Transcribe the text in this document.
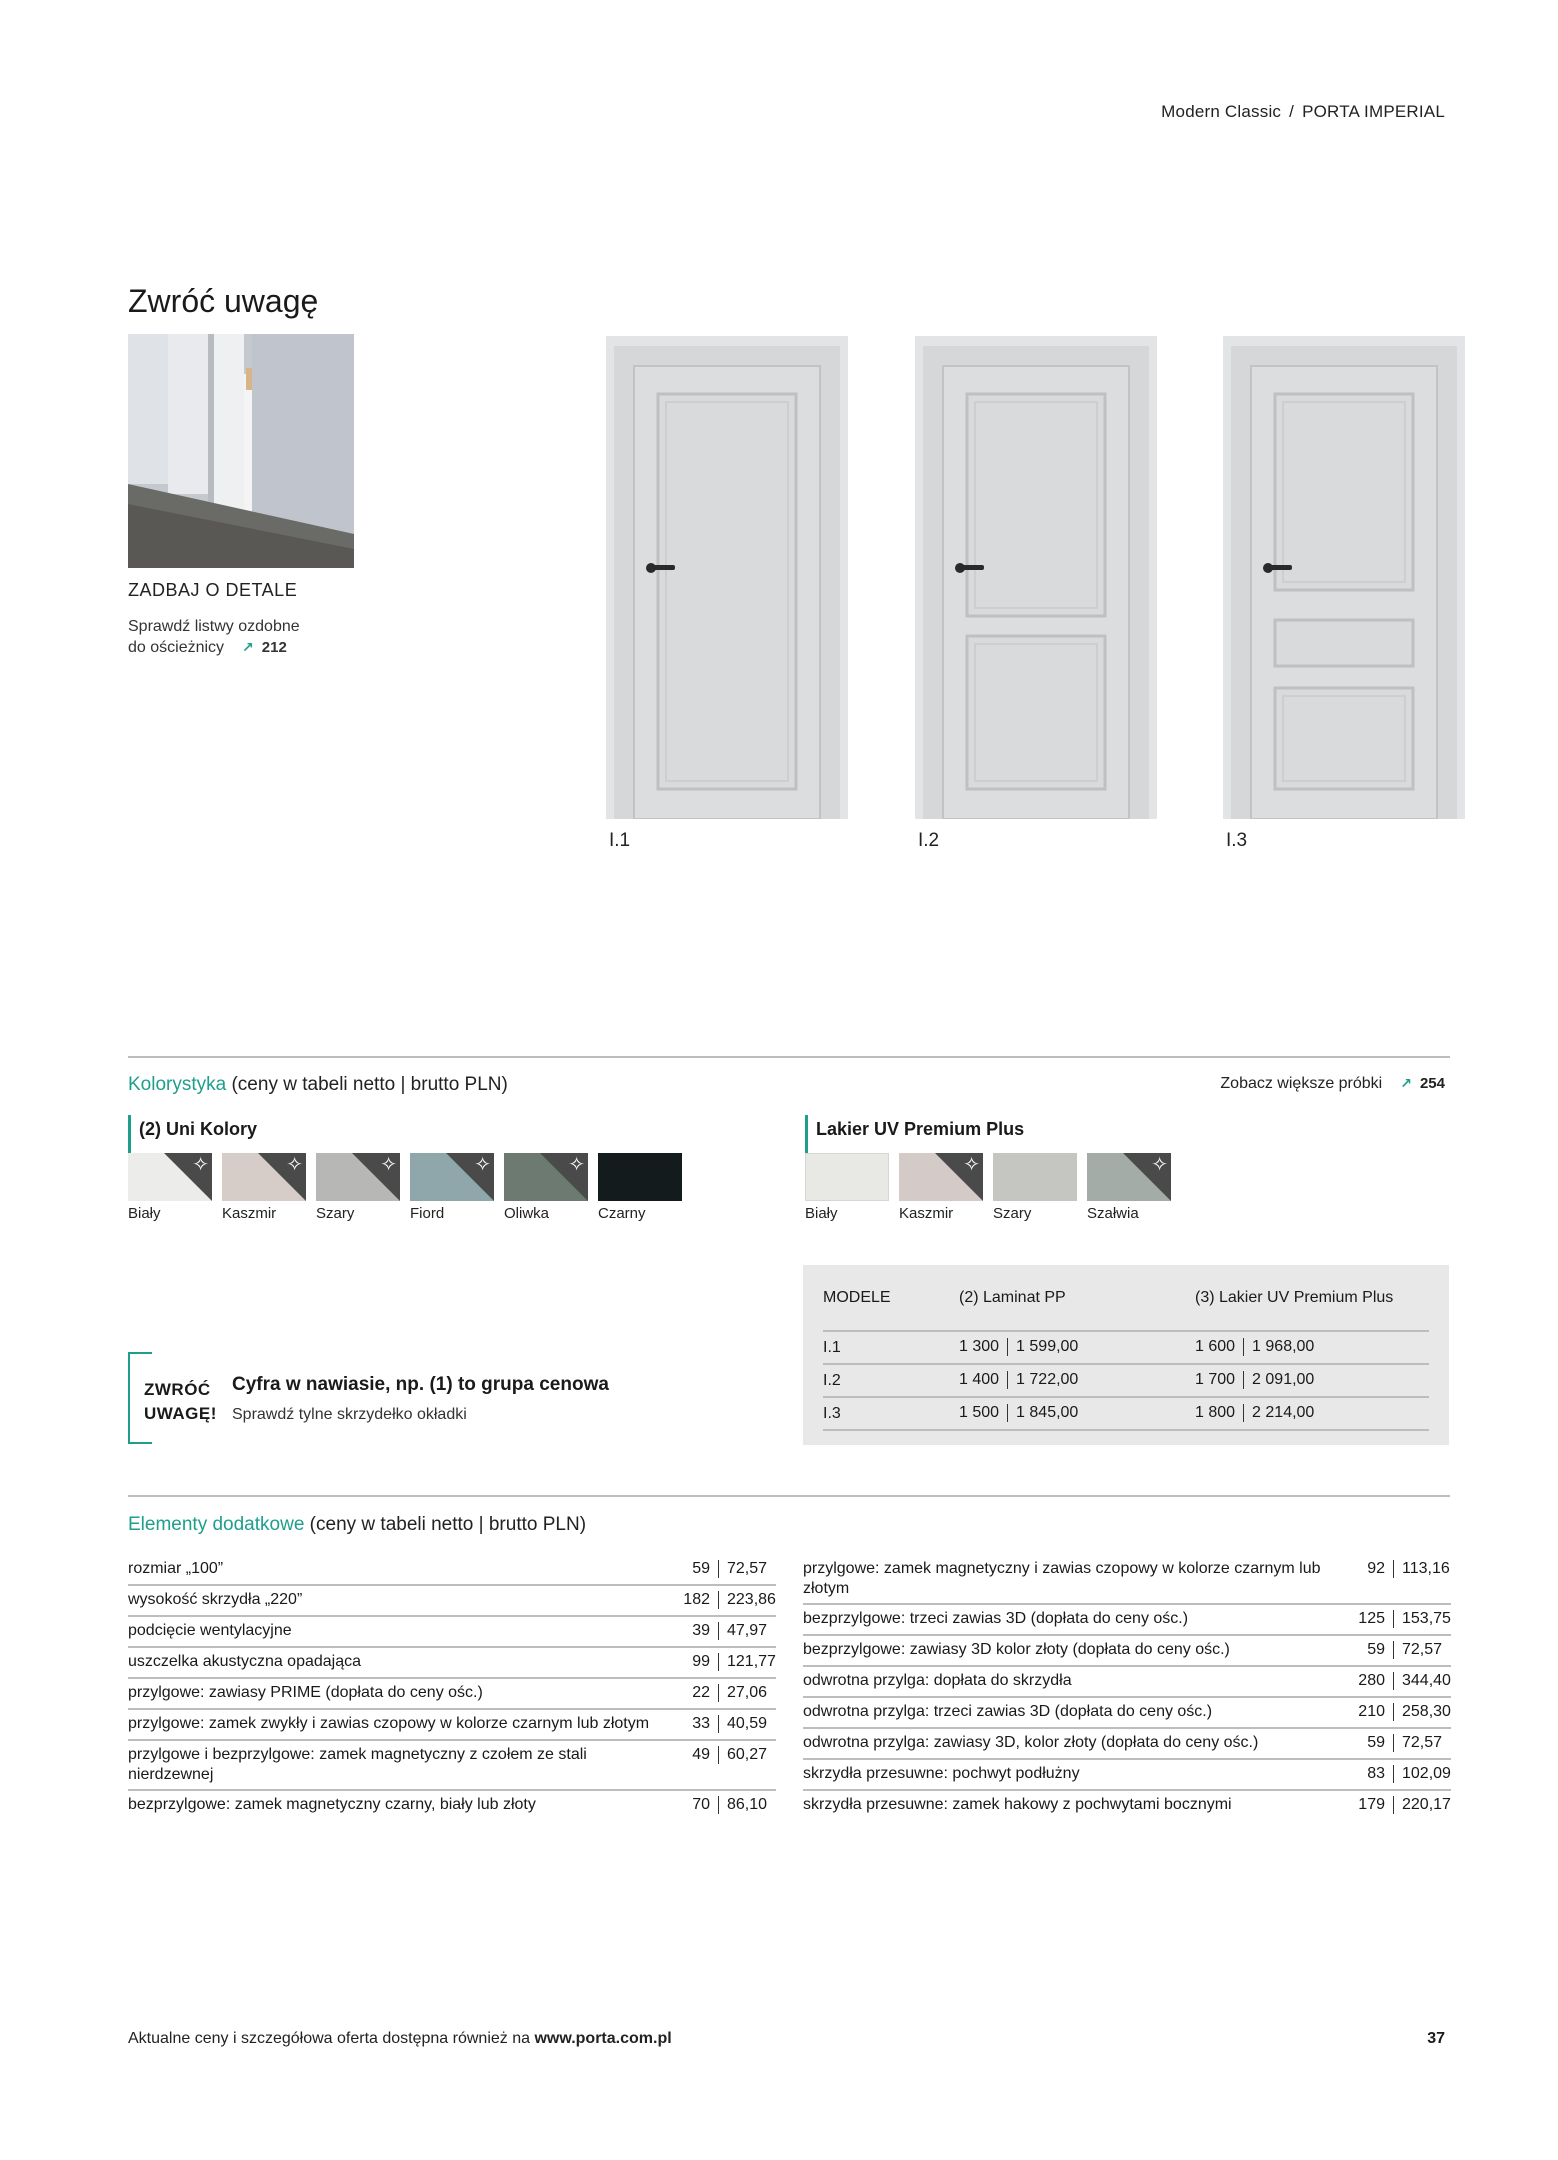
Modern Classic / PORTA IMPERIAL
Zwróć uwagę
ZADBAJ O DETALE
Sprawdź listwy ozdobne
do ościeżnicy ↗ 212
I.1	I.2	I.3
Kolorystyka (ceny w tabeli netto | brutto PLN)	Zobacz większe próbki ↗ 254
(2) Uni Kolory
✧
Biały
✧
Kaszmir
✧
Szary
✧
Fiord
✧
Oliwka	Czarny
Lakier UV Premium Plus
Biały
✧
Kaszmir	Szary
✧
Szałwia
ZWRÓĆ
UWAGĘ!
Cyfra w nawiasie, np. (1) to grupa cenowa
Sprawdź tylne skrzydełko okładki
MODELE	(2) Laminat PP	(3) Lakier UV Premium Plus
I.1	1 300 1 599,00	1 600 1 968,00
I.2	1 400 1 722,00	1 700 2 091,00
I.3	1 500 1 845,00	1 800 2 214,00
Elementy dodatkowe (ceny w tabeli netto | brutto PLN)
rozmiar „100”	59 72,57
wysokość skrzydła „220”	182 223,86
podcięcie wentylacyjne	39 47,97
uszczelka akustyczna opadająca	99 121,77
przylgowe: zawiasy PRIME (dopłata do ceny ośc.)	22 27,06
przylgowe: zamek zwykły i zawias czopowy w kolorze czarnym lub złotym	33 40,59
przylgowe i bezprzylgowe: zamek magnetyczny z czołem ze stali nierdzewnej
49 60,27
bezprzylgowe: zamek magnetyczny czarny, biały lub złoty	70 86,10
przylgowe: zamek magnetyczny i zawias czopowy w kolorze czarnym lub złotym
92 113,16
bezprzylgowe: trzeci zawias 3D (dopłata do ceny ośc.)	125 153,75
bezprzylgowe: zawiasy 3D kolor złoty (dopłata do ceny ośc.)	59 72,57
odwrotna przylga: dopłata do skrzydła	280 344,40
odwrotna przylga: trzeci zawias 3D (dopłata do ceny ośc.)	210 258,30
odwrotna przylga: zawiasy 3D, kolor złoty (dopłata do ceny ośc.)	59 72,57
skrzydła przesuwne: pochwyt podłużny	83 102,09
skrzydła przesuwne: zamek hakowy z pochwytami bocznymi	179 220,17
Aktualne ceny i szczegółowa oferta dostępna również na www.porta.com.pl	37
